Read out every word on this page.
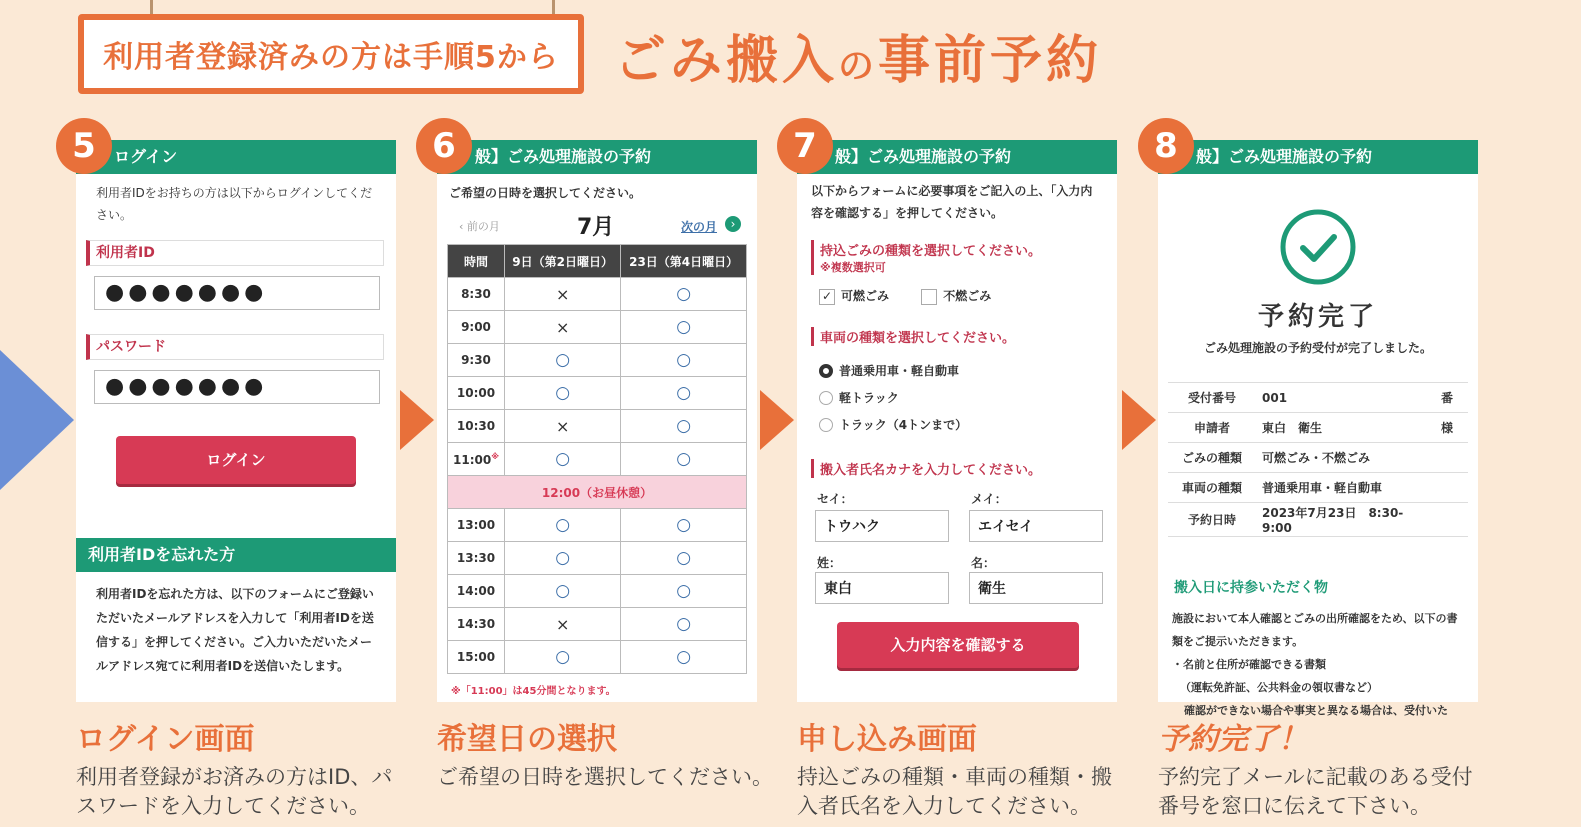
利用者登録済みの方は手順5から ごみ搬入の事前予約
5	6	7	8
ログイン
利用者IDをお持ちの方は以下からログインしてください。
利用者ID
●●●●●●●
パスワード
●●●●●●●
ログイン
利用者IDを忘れた方
利用者IDを忘れた方は、以下のフォームにご登録いただいたメールアドレスを入力して「利用者IDを送信する」を押してください。ご入力いただいたメールアドレス宛てに利用者IDを送信いたします。
般】ごみ処理施設の予約
ご希望の日時を選択してください。
‹ 前の月	7月	次の月	›
時間	9日（第2日曜日）	23日（第4日曜日）
8:30	×	○
9:00	×	○
9:30	○	○
10:00	○	○
10:30	×	○
11:00※	○	○
12:00（お昼休憩）		
13:00	○	○
13:30	○	○
14:00	○	○
14:30	×	○
15:00	○	○
※「11:00」は45分間となります。
般】ごみ処理施設の予約
以下からフォームに必要事項をご記入の上、「入力内容を確認する」を押してください。
持込ごみの種類を選択してください。
※複数選択可
✓ 可燃ごみ	不燃ごみ
車両の種類を選択してください。
普通乗用車・軽自動車
軽トラック
トラック（4トンまで）
搬入者氏名カナを入力してください。
セイ：	メイ：
トウハク	エイセイ
姓：	名：
東白	衛生
入力内容を確認する
般】ごみ処理施設の予約
予約完了
ごみ処理施設の予約受付が完了しました。
受付番号	001	番
申請者	東白　衛生	様
ごみの種類	可燃ごみ・不燃ごみ	
車両の種類	普通乗用車・軽自動車	
予約日時	2023年7月23日　8:30-9:00	
搬入日に持参いただく物
施設において本人確認とごみの出所確認をため、以下の書類をご提示いただきます。
・名前と住所が確認できる書類
（運転免許証、公共料金の領収書など）
確認ができない場合や事実と異なる場合は、受付いた
ログイン画面
利用者登録がお済みの方はID、パスワードを入力してください。
希望日の選択
ご希望の日時を選択してください。
申し込み画面
持込ごみの種類・車両の種類・搬入者氏名を入力してください。
予約完了！
予約完了メールに記載のある受付番号を窓口に伝えて下さい。
